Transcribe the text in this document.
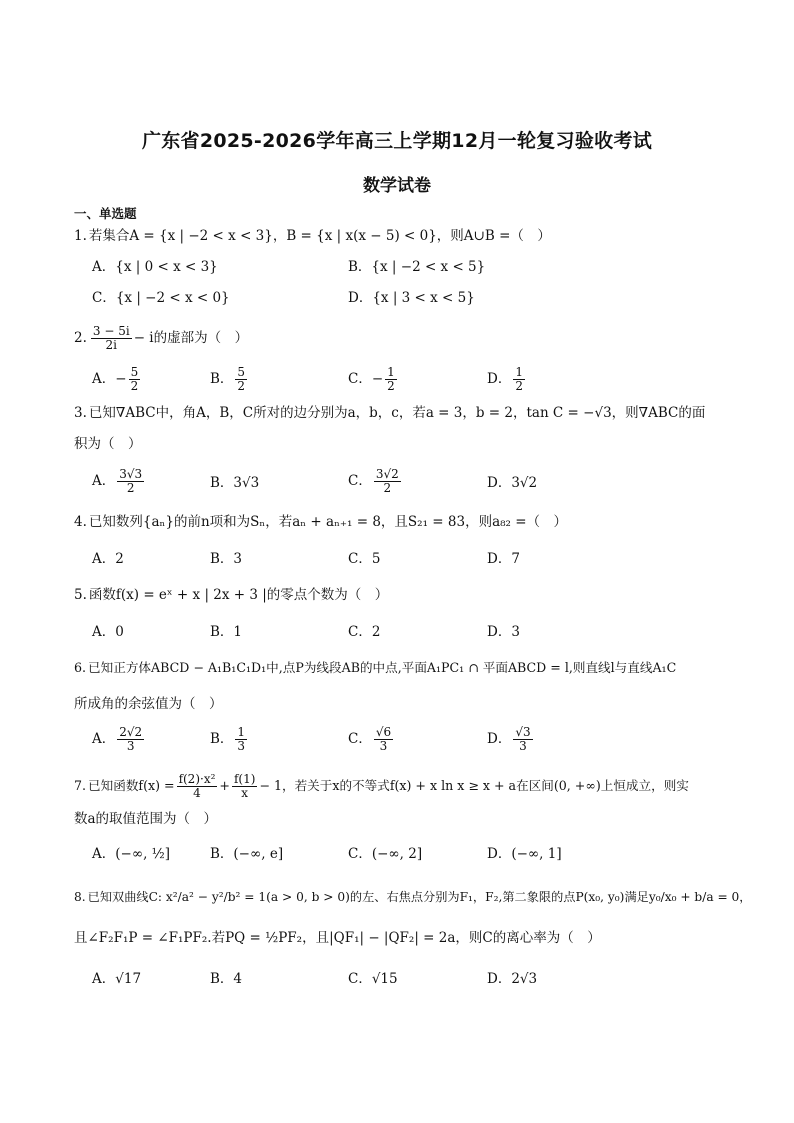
广东省2025-2026学年高三上学期12月一轮复习验收考试
数学试卷
一、单选题
1. 若集合A = {x | −2 < x < 3}，B = {x | x(x − 5) < 0}，则A∪B =（　）
A．{x | 0 < x < 3}	B．{x | −2 < x < 5}
C．{x | −2 < x < 0}	D．{x | 3 < x < 5}
2. $\frac{3 - 5i}{2i} - i$的虚部为（　）
A．− $\frac{5}{2}$	B． $\frac{5}{2}$	C．− $\frac{1}{2}$	D． $\frac{1}{2}$
3. 已知∇ABC中，角A，B，C所对的边分别为a，b，c，若a = 3，b = 2，tan C = −√3，则∇ABC的面
积为（　）
A． $\frac{3√3}{2}$	B．3√3	C． $\frac{3√2}{2}$	D．3√2
4. 已知数列{aₙ}的前n项和为Sₙ，若aₙ + aₙ₊₁ = 8，且S₂₁ = 83，则a₈₂ =（　）
A．2	B．3	C．5	D．7
5. 函数f(x) = eˣ + x | 2x + 3 |的零点个数为（　）
A．0	B．1	C．2	D．3
6. 已知正方体ABCD − A₁B₁C₁D₁中,点P为线段AB的中点,平面A₁PC₁ ∩ 平面ABCD = l,则直线l与直线A₁C
所成角的余弦值为（　）
A． $\frac{2√2}{3}$	B． $\frac{1}{3}$	C． $\frac{√6}{3}$	D． $\frac{√3}{3}$
7. 已知函数$f(x) = \frac{\text{f(2)·x²}}{4} + \frac{f(1)}{x} - 1$，若关于x的不等式f(x) + x ln x ≥ x + a在区间(0, +∞)上恒成立，则实
数a的取值范围为（　）
A．(−∞, ½]	B．(−∞, e]	C．(−∞, 2]	D．(−∞, 1]
8. 已知双曲线C: x²/a² − y²/b² = 1(a > 0, b > 0)的左、右焦点分别为F₁，F₂,第二象限的点P(x₀, y₀)满足y₀/x₀ + b/a = 0，
且∠F₂F₁P = ∠F₁PF₂.若PQ = ½PF₂，且|QF₁| − |QF₂| = 2a，则C的离心率为（　）
A．√17	B．4	C．√15	D．2√3
